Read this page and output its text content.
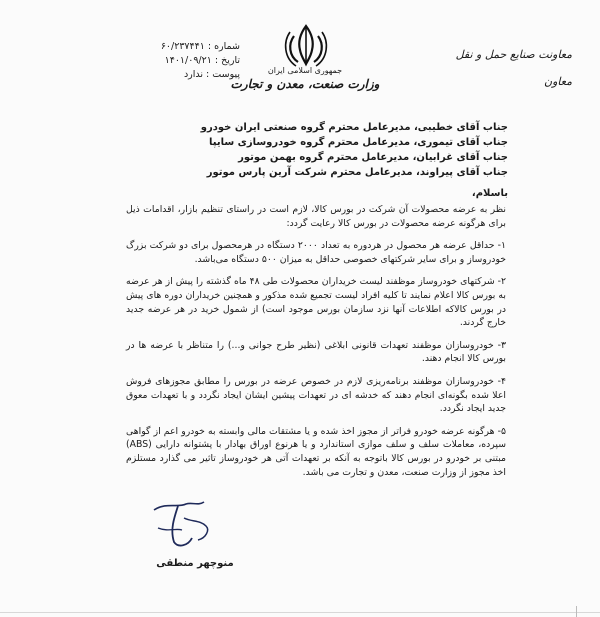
معاونت صنایع حمل و نقل
معاون
جمهوری اسلامی ایران
وزارت صنعت، معدن و تجارت
شماره : ۶۰/۲۳۷۴۴۱
تاریخ : ۱۴۰۱/۰۹/۲۱
پیوست : ندارد
جناب آقای خطیبی، مدیرعامل محترم گروه صنعتی ایران خودرو
جناب آقای تیموری، مدیرعامل محترم گروه خودروسازی سایپا
جناب آقای غرابیان، مدیرعامل محترم گروه بهمن موتور
جناب آقای پیراوند، مدیرعامل محترم شرکت آرین پارس موتور
باسلام،

نظر به عرضه محصولات آن شرکت در بورس کالا، لازم است در راستای تنظیم بازار، اقدامات ذیل برای هرگونه عرضه محصولات در بورس کالا رعایت گردد:

۱- حداقل عرضه هر محصول در هردوره به تعداد ۲۰۰۰ دستگاه در هرمحصول برای دو شرکت بزرگ خودروساز و برای سایر شرکتهای خصوصی حداقل به میزان ۵۰۰ دستگاه می‌باشد.

۲- شرکتهای خودروساز موظفند لیست خریداران محصولات طی ۴۸ ماه گذشته را پیش از هر عرضه به بورس کالا اعلام نمایند تا کلیه افراد لیست تجمیع شده مذکور و همچنین خریداران دوره های پیش در بورس کالاکه اطلاعات آنها نزد سازمان بورس موجود است) از شمول خرید در هر عرضه جدید خارج گردند.

۳- خودروسازان موظفند تعهدات قانونی ابلاغی (نظیر طرح جوانی و...) را متناظر با عرضه ها در بورس کالا انجام دهند.

۴- خودروسازان موظفند برنامه‌ریزی لازم در خصوص عرضه در بورس را مطابق مجوزهای فروش اعلا شده بگونه‌ای انجام دهند که خدشه ای در تعهدات پیشین ایشان ایجاد نگردد و با تعهدات معوق جدید ایجاد نگردد.

۵- هرگونه عرضه خودرو فراتر از مجوز اخذ شده و یا مشتقات مالی وابسته به خودرو اعم از گواهی سپرده، معاملات سلف و سلف موازی استاندارد و یا هرنوع اوراق بهادار با پشتوانه دارایی (ABS) مبتنی بر خودرو در بورس کالا باتوجه به آنکه بر تعهدات آتی هر خودروساز تاثیر می گذارد مستلزم اخذ مجوز از وزارت صنعت، معدن و تجارت می باشد.

منوچهر منطقی
